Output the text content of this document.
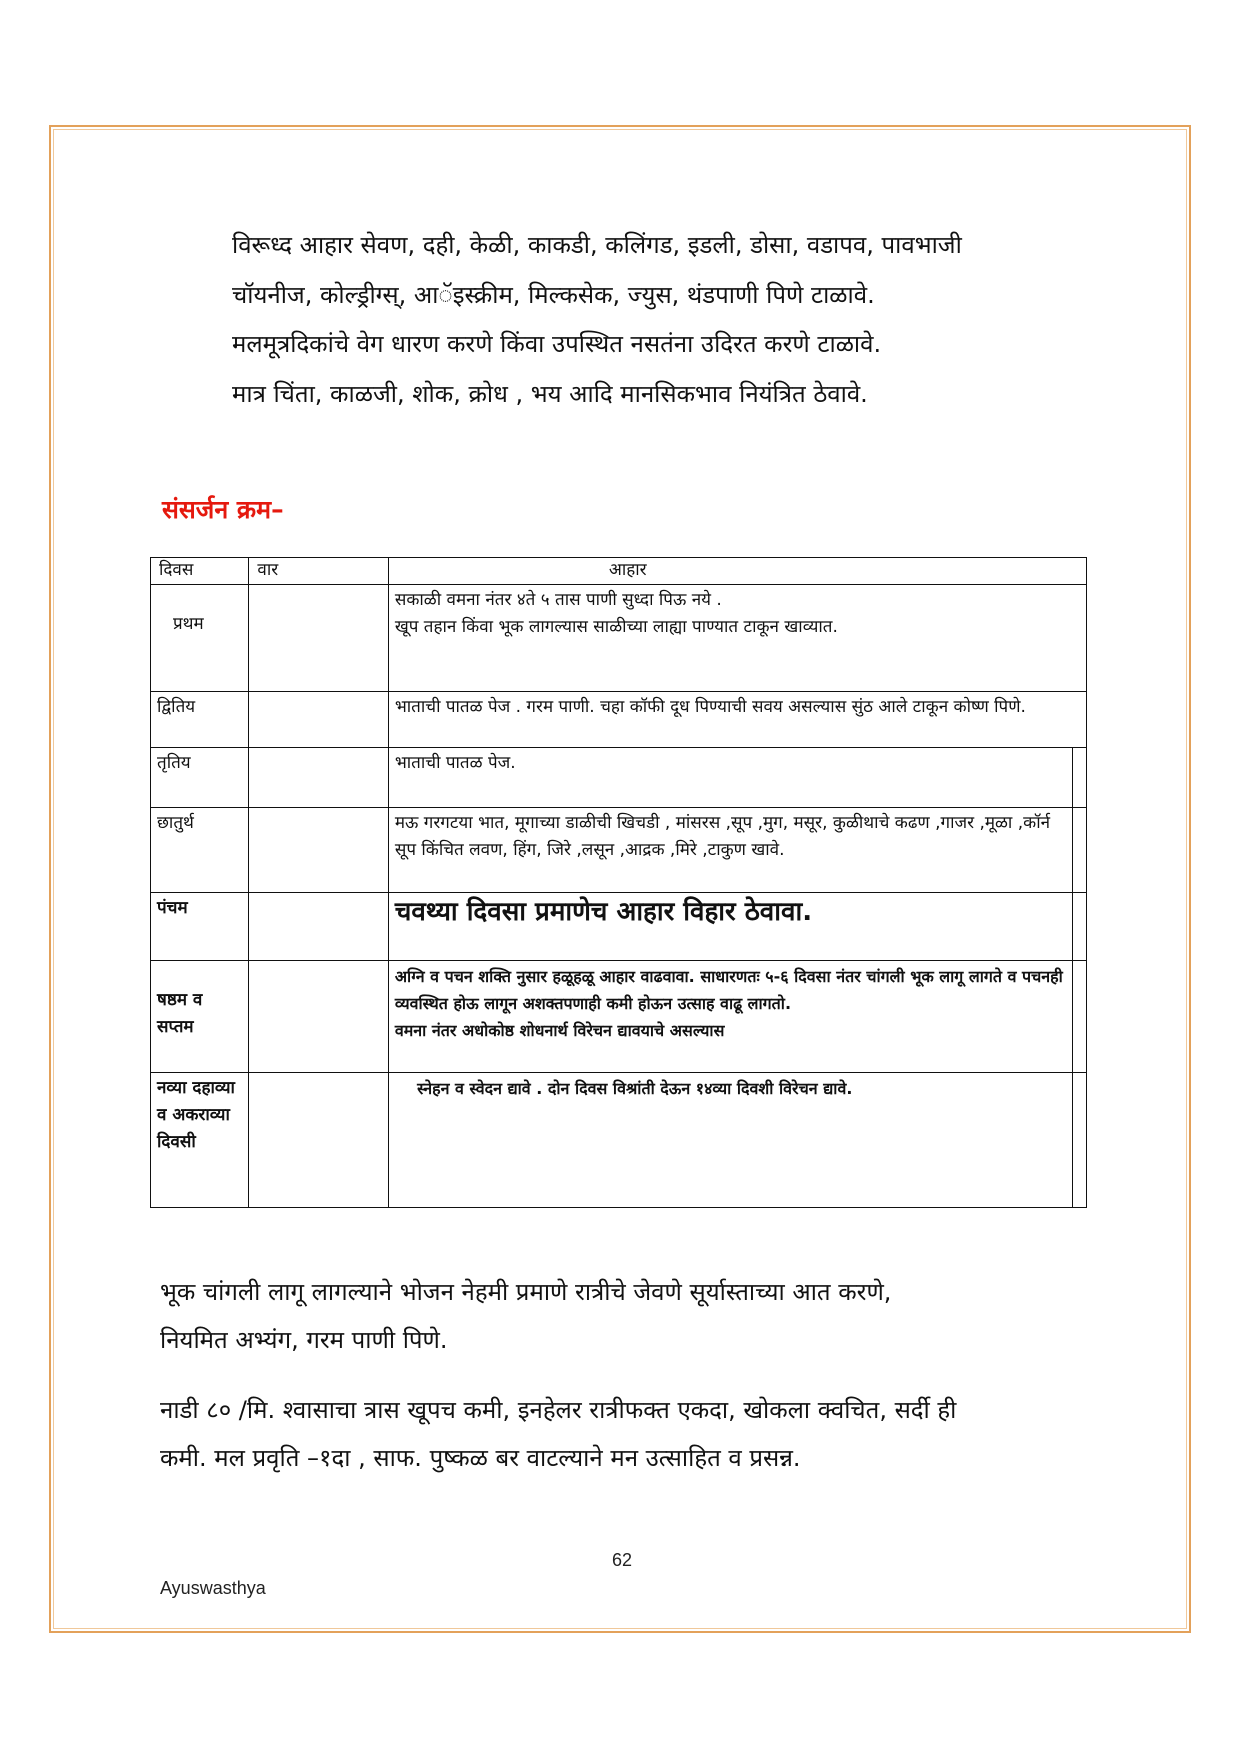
विरूध्द आहार सेवण, दही, केळी, काकडी, कलिंगड, इडली, डोसा, वडापव, पावभाजी
चॉयनीज, कोल्ड्रीग्स्, आॅइस्क्रीम, मिल्कसेक, ज्युस, थंडपाणी पिणे टाळावे.
मलमूत्रदिकांचे वेग धारण करणे किंवा उपस्थित नसतंना उदिरत करणे टाळावे.
मात्र चिंता, काळजी, शोक, क्रोध , भय आदि मानसिकभाव नियंत्रित ठेवावे.
संसर्जन क्रम–
दिवस	वार	आहार	
प्रथम		सकाळी वमना नंतर ४ते ५ तास पाणी सुध्दा पिऊ नये .
खूप तहान किंवा भूक लागल्यास साळीच्या लाह्या पाण्यात टाकून खाव्यात.	
द्वितिय		भाताची पातळ पेज . गरम पाणी. चहा कॉफी दूध पिण्याची सवय असल्यास सुंठ आले टाकून कोष्ण पिणे.	
तृतिय		भाताची पातळ पेज.	
छातुर्थ		मऊ गरगटया भात, मूगाच्या डाळीची खिचडी , मांसरस ,सूप ,मुग, मसूर, कुळीथाचे कढण ,गाजर ,मूळा ,कॉर्न सूप किंचित लवण, हिंग, जिरे ,लसून ,आद्रक ,मिरे ,टाकुण खावे.	
पंचम		चवथ्या दिवसा प्रमाणेच आहार विहार ठेवावा.	
षष्ठम व सप्तम		अग्नि व पचन शक्ति नुसार हळूहळू आहार वाढवावा. साधारणतः ५-६ दिवसा नंतर चांगली भूक लागू लागते व पचनही व्यवस्थित होऊ लागून अशक्तपणाही कमी होऊन उत्साह वाढू लागतो.
वमना नंतर अधोकोष्ठ शोधनार्थ विरेचन द्यावयाचे असल्यास	
नव्या दहाव्या व अकराव्या दिवसी		स्नेहन व स्वेदन द्यावे . दोन दिवस विश्रांती देऊन १४व्या दिवशी विरेचन द्यावे.	
भूक चांगली लागू लागल्याने भोजन नेहमी प्रमाणे रात्रीचे जेवणे सूर्यास्ताच्या आत करणे,
नियमित अभ्यंग, गरम पाणी पिणे.
नाडी ८० /मि. श्वासाचा त्रास खूपच कमी, इनहेलर रात्रीफक्त एकदा, खोकला क्वचित, सर्दी ही
कमी. मल प्रवृति –१दा , साफ. पुष्कळ बर वाटल्याने मन उत्साहित व प्रसन्न.
62
Ayuswasthya
